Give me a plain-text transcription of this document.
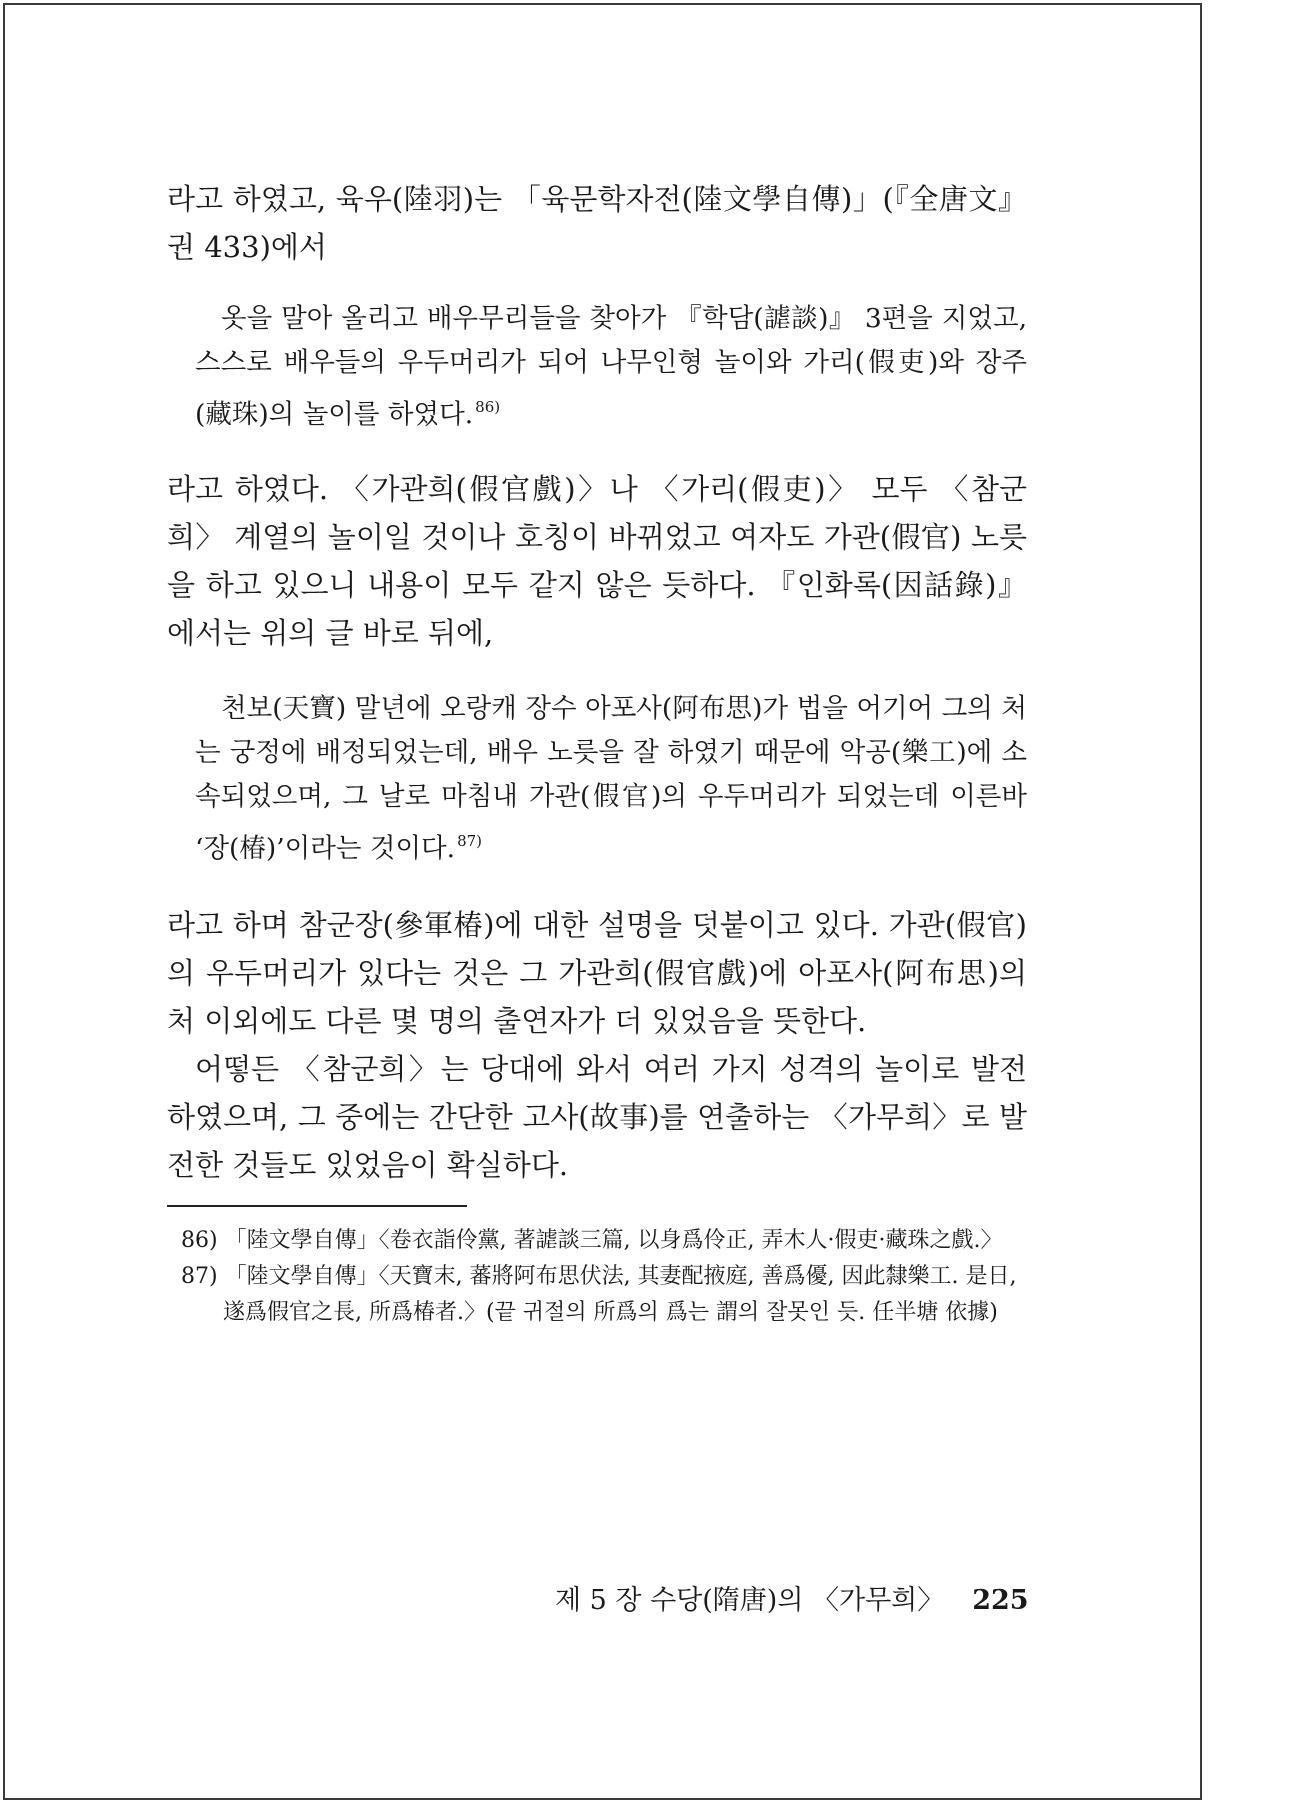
라고 하였고, 육우(陸羽)는 「육문학자전(陸文學自傳)」(『全唐文』 권 433)에서

옷을 말아 올리고 배우무리들을 찾아가 『학담(謔談)』 3편을 지었고, 스스로 배우들의 우두머리가 되어 나무인형 놀이와 가리(假吏)와 장주(藏珠)의 놀이를 하였다. $^{86)}$

라고 하였다. 〈가관희(假官戲)〉나 〈가리(假吏)〉 모두 〈참군희〉 계열의 놀이일 것이나 호칭이 바뀌었고 여자도 가관(假官) 노릇을 하고 있으니 내용이 모두 같지 않은 듯하다. 『인화록(因話錄)』에서는 위의 글 바로 뒤에,

천보(天寶) 말년에 오랑캐 장수 아포사(阿布思)가 법을 어기어 그의 처는 궁정에 배정되었는데, 배우 노릇을 잘 하였기 때문에 악공(樂工)에 소속되었으며, 그 날로 마침내 가관(假官)의 우두머리가 되었는데 이른바 ‘장(椿)’이라는 것이다. $^{87)}$

라고 하며 참군장(參軍椿)에 대한 설명을 덧붙이고 있다. 가관(假官)의 우두머리가 있다는 것은 그 가관희(假官戲)에 아포사(阿布思)의 처 이외에도 다른 몇 명의 출연자가 더 있었음을 뜻한다.

어떻든 〈참군희〉는 당대에 와서 여러 가지 성격의 놀이로 발전하였으며, 그 중에는 간단한 고사(故事)를 연출하는 〈가무희〉로 발전한 것들도 있었음이 확실하다.

86) 「陸文學自傳」〈卷衣詣伶黨, 著謔談三篇, 以身爲伶正, 弄木人·假吏·藏珠之戲.〉

87) 「陸文學自傳」〈天寶末, 蕃將阿布思伏法, 其妻配掖庭, 善爲優, 因此隸樂工. 是日, 遂爲假官之長, 所爲椿者.〉(끝 귀절의 所爲의 爲는 謂의 잘못인 듯. 任半塘 依據)

제 5 장 수당(隋唐)의 〈가무희〉 225
